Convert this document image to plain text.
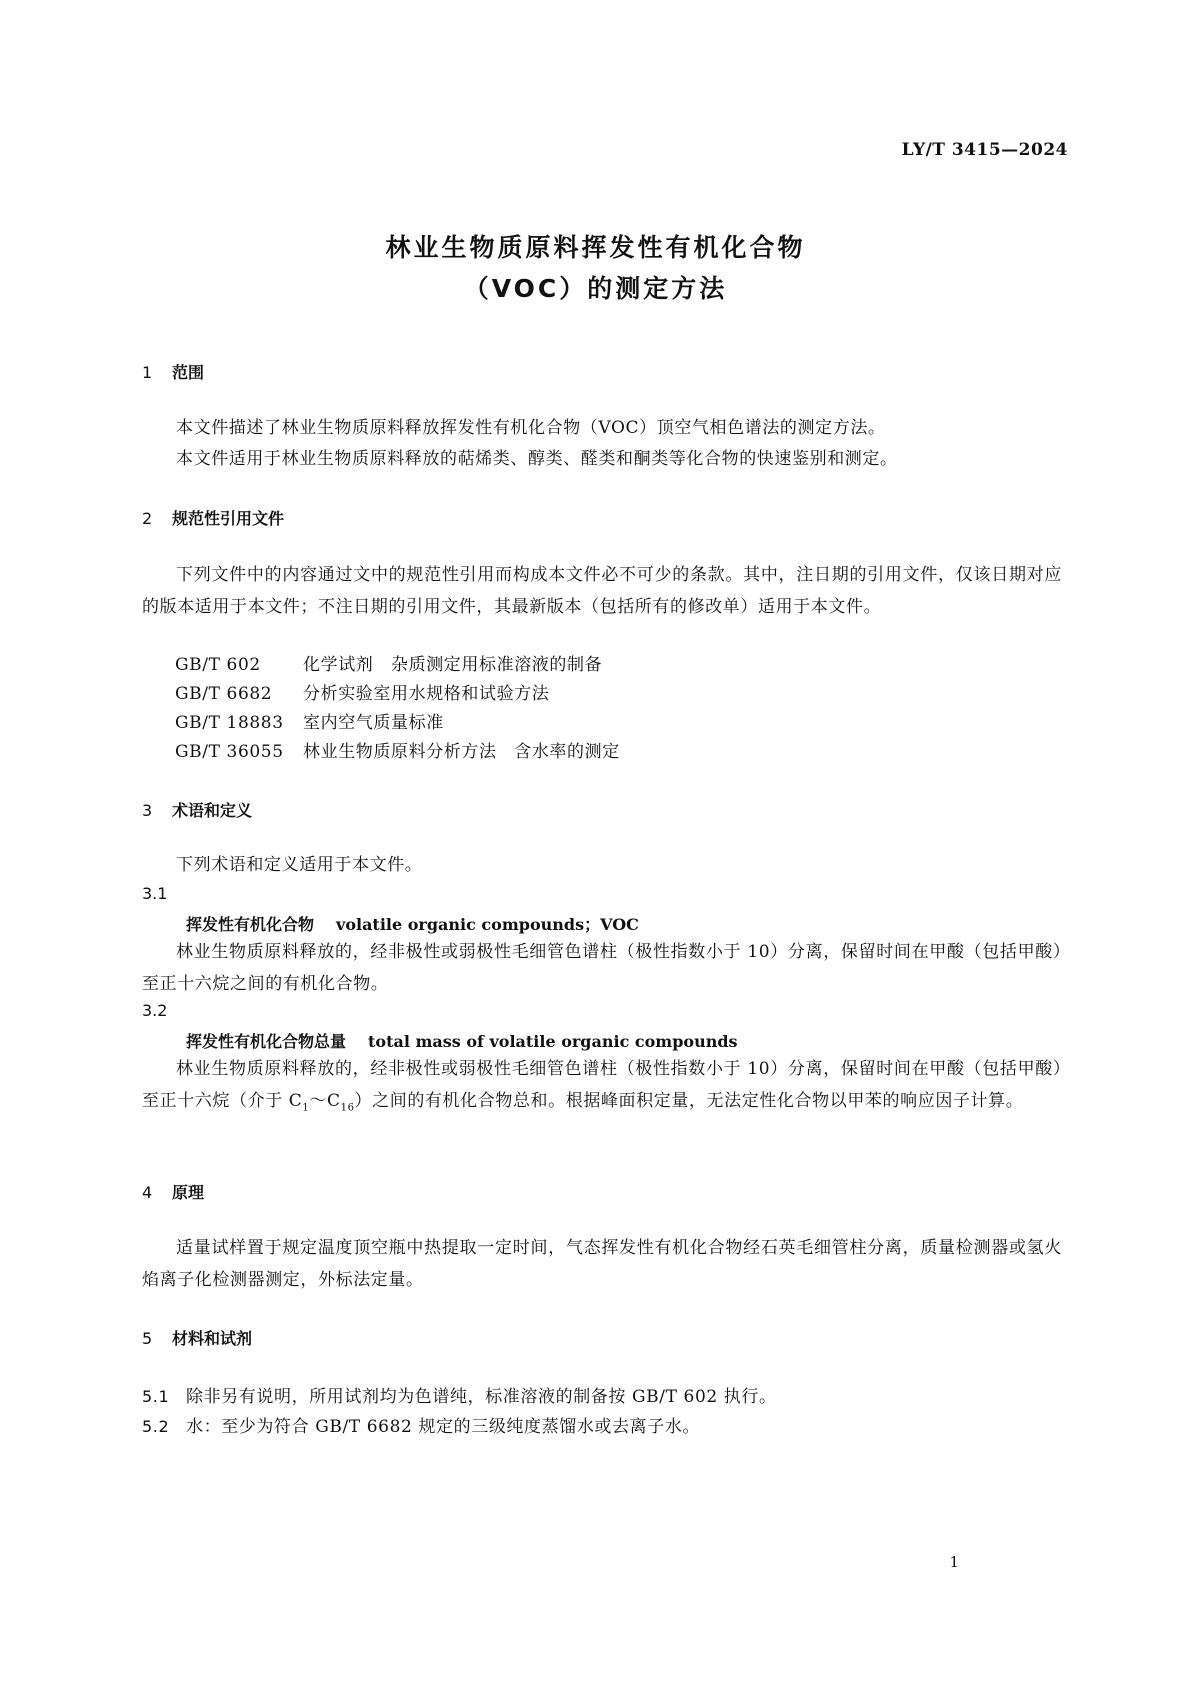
LY/T 3415—2024
林业生物质原料挥发性有机化合物
（VOC）的测定方法
1 范围
本文件描述了林业生物质原料释放挥发性有机化合物（VOC）顶空气相色谱法的测定方法。
本文件适用于林业生物质原料释放的萜烯类、醇类、醛类和酮类等化合物的快速鉴别和测定。
2 规范性引用文件
下列文件中的内容通过文中的规范性引用而构成本文件必不可少的条款。其中，注日期的引用文件，仅该日期对应的版本适用于本文件；不注日期的引用文件，其最新版本（包括所有的修改单）适用于本文件。
GB/T 602 化学试剂　杂质测定用标准溶液的制备
GB/T 6682 分析实验室用水规格和试验方法
GB/T 18883 室内空气质量标准
GB/T 36055 林业生物质原料分析方法　含水率的测定
3 术语和定义
下列术语和定义适用于本文件。
3.1
挥发性有机化合物 volatile organic compounds；VOC
林业生物质原料释放的，经非极性或弱极性毛细管色谱柱（极性指数小于 10）分离，保留时间在甲酸（包括甲酸）至正十六烷之间的有机化合物。
3.2
挥发性有机化合物总量 total mass of volatile organic compounds
林业生物质原料释放的，经非极性或弱极性毛细管色谱柱（极性指数小于 10）分离，保留时间在甲酸（包括甲酸）至正十六烷（介于 $C_1\sim C_{16}$）之间的有机化合物总和。根据峰面积定量，无法定性化合物以甲苯的响应因子计算。
4 原理
适量试样置于规定温度顶空瓶中热提取一定时间，气态挥发性有机化合物经石英毛细管柱分离，质量检测器或氢火焰离子化检测器测定，外标法定量。
5 材料和试剂
5.1 除非另有说明，所用试剂均为色谱纯，标准溶液的制备按 GB/T 602 执行。
5.2 水：至少为符合 GB/T 6682 规定的三级纯度蒸馏水或去离子水。
1
